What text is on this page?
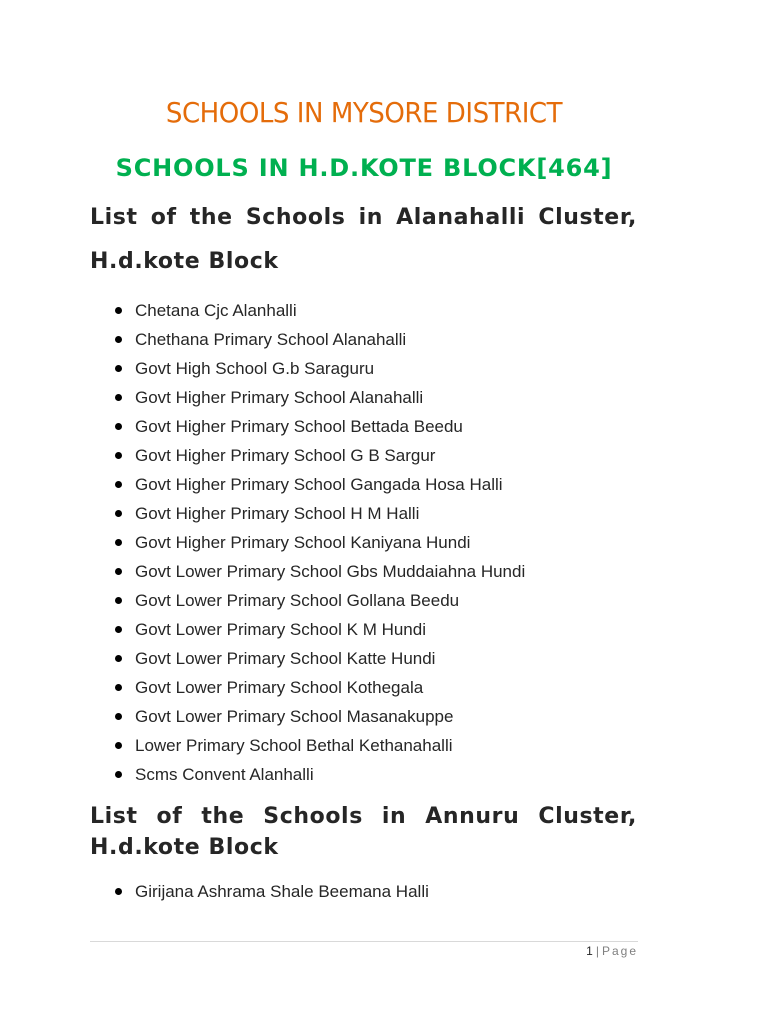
SCHOOLS IN MYSORE DISTRICT
SCHOOLS IN H.D.KOTE BLOCK[464]
List of the Schools in Alanahalli Cluster,
H.d.kote Block
Chetana Cjc Alanhalli
Chethana Primary School Alanahalli
Govt High School G.b Saraguru
Govt Higher Primary School Alanahalli
Govt Higher Primary School Bettada Beedu
Govt Higher Primary School G B Sargur
Govt Higher Primary School Gangada Hosa Halli
Govt Higher Primary School H M Halli
Govt Higher Primary School Kaniyana Hundi
Govt Lower Primary School Gbs Muddaiahna Hundi
Govt Lower Primary School Gollana Beedu
Govt Lower Primary School K M Hundi
Govt Lower Primary School Katte Hundi
Govt Lower Primary School Kothegala
Govt Lower Primary School Masanakuppe
Lower Primary School Bethal Kethanahalli
Scms Convent Alanhalli
List of the Schools in Annuru Cluster,
H.d.kote Block
Girijana Ashrama Shale Beemana Halli
1 | Page
